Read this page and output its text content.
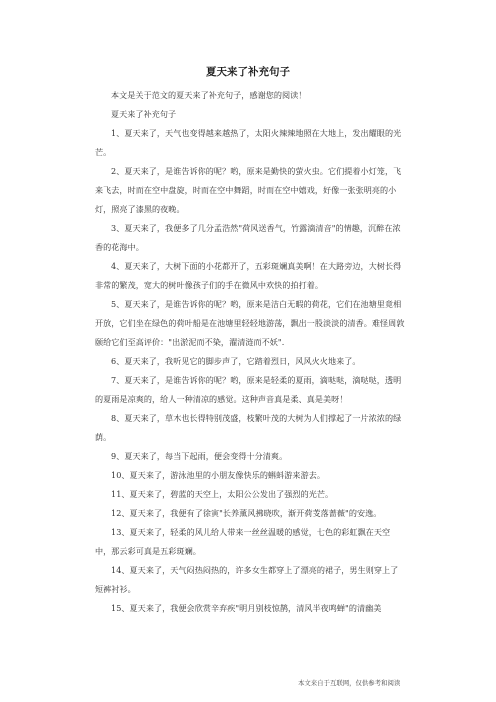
夏天来了补充句子

本文是关于范文的夏天来了补充句子，感谢您的阅读！

夏天来了补充句子

1、夏天来了，天气也变得越来越热了，太阳火辣辣地照在大地上，发出耀眼的光芒。

2、夏天来了，是谁告诉你的呢？哟，原来是勤快的萤火虫。它们提着小灯笼，飞来飞去，时而在空中盘旋，时而在空中舞蹈，时而在空中嬉戏，好像一张张明亮的小灯，照亮了漆黑的夜晚。

3、夏天来了，我便多了几分孟浩然"荷风送香气，竹露滴清音"的情趣，沉醉在浓香的花海中。

4、夏天来了，大树下面的小花都开了，五彩斑斓真美啊！在大路旁边，大树长得非常的繁茂，宽大的树叶像孩子们的手在微风中欢快的拍打着。

5、夏天来了，是谁告诉你的呢？哟，原来是洁白无暇的荷花，它们在池塘里竟相开放，它们坐在绿色的荷叶船是在池塘里轻轻地游荡，飘出一股淡淡的清香。难怪周敦颐给它们至高评价："出淤泥而不染，濯清涟而不妖".

6、夏天来了，我听见它的脚步声了，它踏着烈日，风风火火地来了。

7、夏天来了，是谁告诉你的呢？哟，原来是轻柔的夏雨，滴哒哒，滴哒哒，透明的夏雨是凉爽的，给人一种清凉的感觉。这种声音真是柔、真是美呀！

8、夏天来了，草木也长得特别茂盛，枝繁叶茂的大树为人们撑起了一片浓浓的绿荫。

9、夏天来了，每当下起雨，便会变得十分清爽。

10、夏天来了，游泳池里的小朋友像快乐的蝌蚪游来游去。

11、夏天来了，碧蓝的天空上，太阳公公发出了强烈的光芒。

12、夏天来了，我便有了徐寅"长养薰风拂晓吹，渐开荷芰落蔷薇"的安逸。

13、夏天来了，轻柔的风儿给人带来一丝丝温暖的感觉，七色的彩虹飘在天空中，那云彩可真是五彩斑斓。

14、夏天来了，天气闷热闷热的，许多女生都穿上了漂亮的裙子，男生则穿上了短裤衬衫。

15、夏天来了，我便会欣赏辛弃疾"明月别枝惊鹊，清风半夜鸣蝉"的清幽美

本文来自于互联网，仅供参考和阅读
